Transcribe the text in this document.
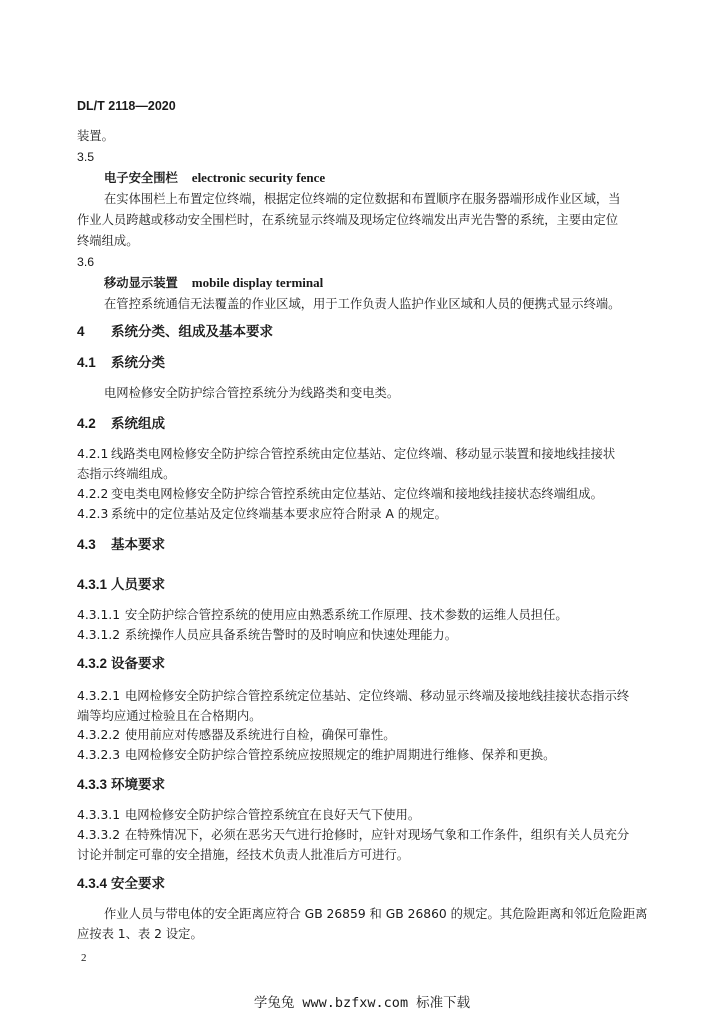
DL/T 2118—2020
装置。
3.5
电子安全围栏 electronic security fence
在实体围栏上布置定位终端，根据定位终端的定位数据和布置顺序在服务器端形成作业区域，当
作业人员跨越或移动安全围栏时，在系统显示终端及现场定位终端发出声光告警的系统，主要由定位
终端组成。
3.6
移动显示装置 mobile display terminal
在管控系统通信无法覆盖的作业区域，用于工作负责人监护作业区域和人员的便携式显示终端。
4 系统分类、组成及基本要求
4.1 系统分类
电网检修安全防护综合管控系统分为线路类和变电类。
4.2 系统组成
4.2.1 线路类电网检修安全防护综合管控系统由定位基站、定位终端、移动显示装置和接地线挂接状
态指示终端组成。
4.2.2 变电类电网检修安全防护综合管控系统由定位基站、定位终端和接地线挂接状态终端组成。
4.2.3 系统中的定位基站及定位终端基本要求应符合附录 A 的规定。
4.3 基本要求
4.3.1 人员要求
4.3.1.1 安全防护综合管控系统的使用应由熟悉系统工作原理、技术参数的运维人员担任。
4.3.1.2 系统操作人员应具备系统告警时的及时响应和快速处理能力。
4.3.2 设备要求
4.3.2.1 电网检修安全防护综合管控系统定位基站、定位终端、移动显示终端及接地线挂接状态指示终
端等均应通过检验且在合格期内。
4.3.2.2 使用前应对传感器及系统进行自检，确保可靠性。
4.3.2.3 电网检修安全防护综合管控系统应按照规定的维护周期进行维修、保养和更换。
4.3.3 环境要求
4.3.3.1 电网检修安全防护综合管控系统宜在良好天气下使用。
4.3.3.2 在特殊情况下，必须在恶劣天气进行抢修时，应针对现场气象和工作条件，组织有关人员充分
讨论并制定可靠的安全措施，经技术负责人批准后方可进行。
4.3.4 安全要求
作业人员与带电体的安全距离应符合 GB 26859 和 GB 26860 的规定。其危险距离和邻近危险距离
应按表 1、表 2 设定。
2
学兔兔 www.bzfxw.com 标准下载
